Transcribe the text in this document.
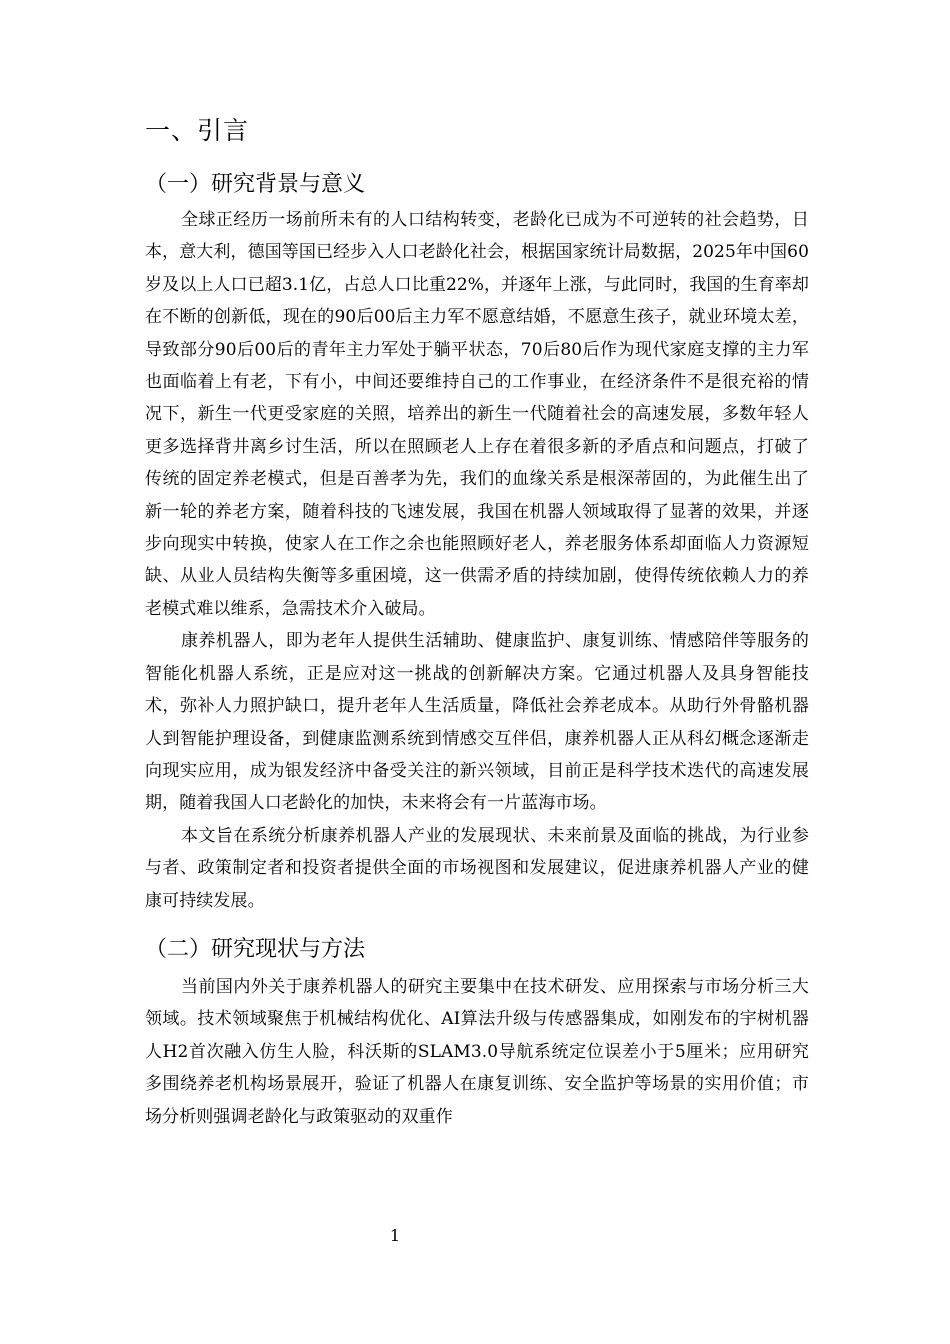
一、引言
（一）研究背景与意义

全球正经历一场前所未有的人口结构转变，老龄化已成为不可逆转的社会趋势，日本，意大利，德国等国已经步入人口老龄化社会，根据国家统计局数据，2025年中国60岁及以上人口已超3.1亿，占总人口比重22%，并逐年上涨，与此同时，我国的生育率却在不断的创新低，现在的90后00后主力军不愿意结婚，不愿意生孩子，就业环境太差，导致部分90后00后的青年主力军处于躺平状态，70后80后作为现代家庭支撑的主力军也面临着上有老，下有小，中间还要维持自己的工作事业，在经济条件不是很充裕的情况下，新生一代更受家庭的关照，培养出的新生一代随着社会的高速发展，多数年轻人更多选择背井离乡讨生活，所以在照顾老人上存在着很多新的矛盾点和问题点，打破了传统的固定养老模式，但是百善孝为先，我们的血缘关系是根深蒂固的，为此催生出了新一轮的养老方案，随着科技的飞速发展，我国在机器人领域取得了显著的效果，并逐步向现实中转换，使家人在工作之余也能照顾好老人，养老服务体系却面临人力资源短缺、从业人员结构失衡等多重困境，这一供需矛盾的持续加剧，使得传统依赖人力的养老模式难以维系，急需技术介入破局。

康养机器人，即为老年人提供生活辅助、健康监护、康复训练、情感陪伴等服务的智能化机器人系统，正是应对这一挑战的创新解决方案。它通过机器人及具身智能技术，弥补人力照护缺口，提升老年人生活质量，降低社会养老成本。从助行外骨骼机器人到智能护理设备，到健康监测系统到情感交互伴侣，康养机器人正从科幻概念逐渐走向现实应用，成为银发经济中备受关注的新兴领域，目前正是科学技术迭代的高速发展期，随着我国人口老龄化的加快，未来将会有一片蓝海市场。

本文旨在系统分析康养机器人产业的发展现状、未来前景及面临的挑战，为行业参与者、政策制定者和投资者提供全面的市场视图和发展建议，促进康养机器人产业的健康可持续发展。

（二）研究现状与方法

当前国内外关于康养机器人的研究主要集中在技术研发、应用探索与市场分析三大领域。技术领域聚焦于机械结构优化、AI算法升级与传感器集成，如刚发布的宇树机器人H2首次融入仿生人脸，科沃斯的SLAM3.0导航系统定位误差小于5厘米；应用研究多围绕养老机构场景展开，验证了机器人在康复训练、安全监护等场景的实用价值；市场分析则强调老龄化与政策驱动的双重作

1
